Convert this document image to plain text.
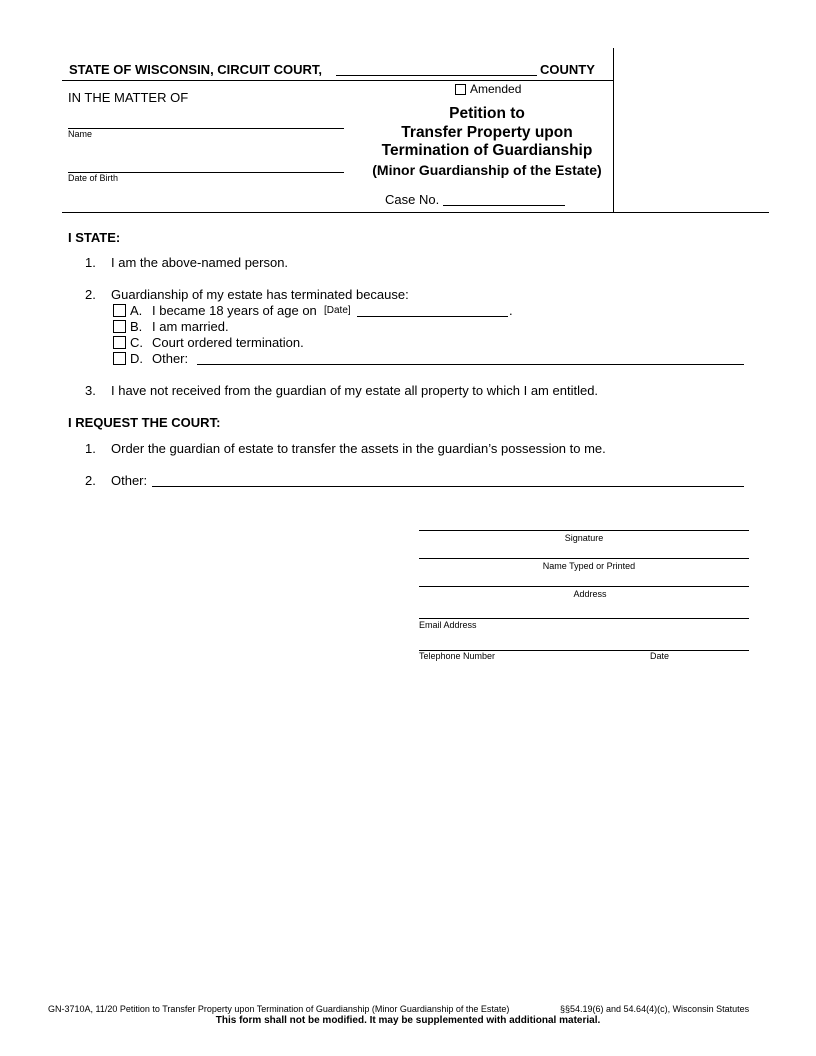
STATE OF WISCONSIN, CIRCUIT COURT,	COUNTY
IN THE MATTER OF
Name
Date of Birth
Amended
Petition to
Transfer Property upon
Termination of Guardianship
(Minor Guardianship of the Estate)
Case No.
I STATE:
1. I am the above-named person.
2. Guardianship of my estate has terminated because:
A. I became 18 years of age on [Date]	.
B. I am married.
C. Court ordered termination.
D. Other:
3. I have not received from the guardian of my estate all property to which I am entitled.
I REQUEST THE COURT:
1. Order the guardian of estate to transfer the assets in the guardian’s possession to me.
2. Other:
Signature
Name Typed or Printed
Address
Email Address
Telephone Number	Date
GN-3710A, 11/20 Petition to Transfer Property upon Termination of Guardianship (Minor Guardianship of the Estate)	§§54.19(6) and 54.64(4)(c), Wisconsin Statutes
This form shall not be modified. It may be supplemented with additional material.
